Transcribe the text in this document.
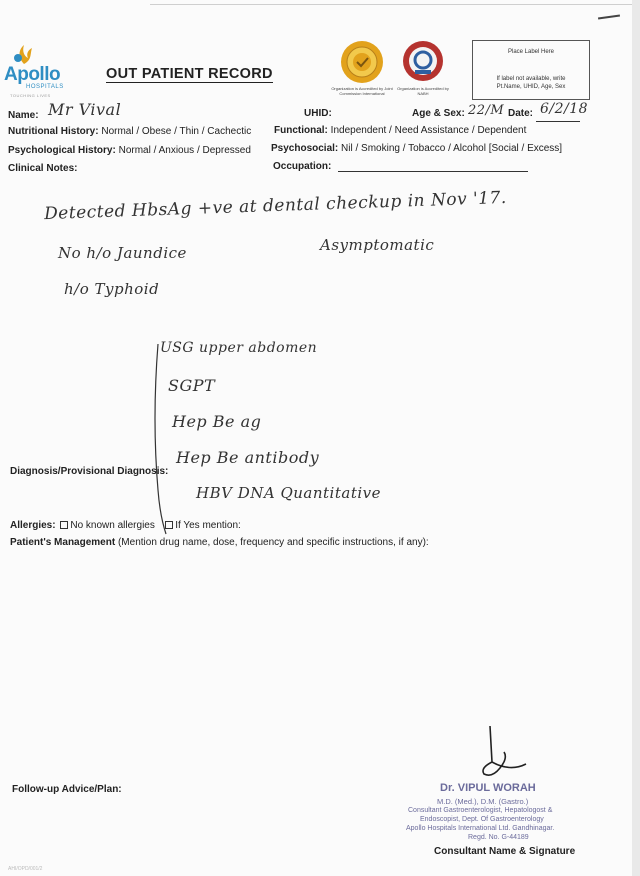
Apollo
HOSPITALS
TOUCHING LIVES
OUT PATIENT RECORD
Organization is Accredited by Joint Commission International
Organization is Accredited by NABH
Place Label Here
If label not available, write
Pt.Name, UHID, Age, Sex
Name: Mr Vival	UHID:	Age & Sex: 22/M Date: 6/2/18
Nutritional History: Normal / Obese / Thin / Cachectic Functional: Independent / Need Assistance / Dependent
Psychological History: Normal / Anxious / Depressed Psychosocial: Nil / Smoking / Tobacco / Alcohol [Social / Excess]
Clinical Notes:	Occupation:
Detected HbsAg +ve at dental checkup in Nov '17.
No h/o Jaundice	Asymptomatic
h/o Typhoid
USG upper abdomen
SGPT
Hep Be ag
Hep Be antibody
HBV DNA Quantitative
Diagnosis/Provisional Diagnosis:
Allergies: No known allergies If Yes mention:
Patient's Management (Mention drug name, dose, frequency and specific instructions, if any):
Follow-up Advice/Plan:	Dr. VIPUL WORAH
M.D. (Med.), D.M. (Gastro.)
Consultant Gastroenterologist, Hepatologost &
Endoscopist, Dept. Of Gastroenterology
Apollo Hospitals International Ltd. Gandhinagar.
Regd. No. G-44189
Consultant Name & Signature
AHI/OPD/001/2
